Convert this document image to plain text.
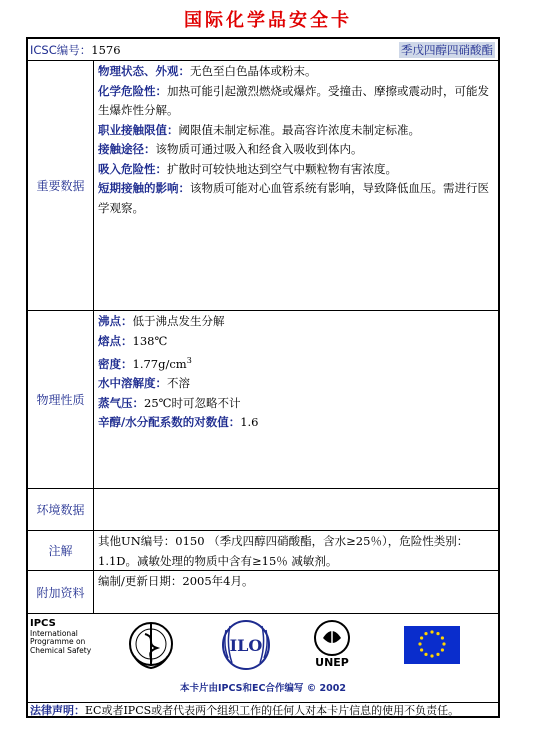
国际化学品安全卡
ICSC编号：1576	季戊四醇四硝酸酯
重要数据
物理状态、外观：无色至白色晶体或粉末。
化学危险性：加热可能引起激烈燃烧或爆炸。受撞击、摩擦或震动时，可能发生爆炸性分解。
职业接触限值：阈限值未制定标准。最高容许浓度未制定标准。
接触途径：该物质可通过吸入和经食入吸收到体内。
吸入危险性：扩散时可较快地达到空气中颗粒物有害浓度。
短期接触的影响：该物质可能对心血管系统有影响，导致降低血压。需进行医学观察。
物理性质
沸点：低于沸点发生分解
熔点：138℃
密度：$1.77g/cm^3$
水中溶解度：不溶
蒸气压：25℃时可忽略不计
辛醇/水分配系数的对数值：1.6
环境数据
注解
其他UN编号：0150 （季戊四醇四硝酸酯，含水≥25％），危险性类别：1.1D。减敏处理的物质中含有≥15％ 减敏剂。
附加资料
编制/更新日期：2005年4月。
IPCS
International
Programme on
Chemical Safety	ILO
UNEP
本卡片由IPCS和EC合作编写 © 2002
法律声明：EC或者IPCS或者代表两个组织工作的任何人对本卡片信息的使用不负责任。
